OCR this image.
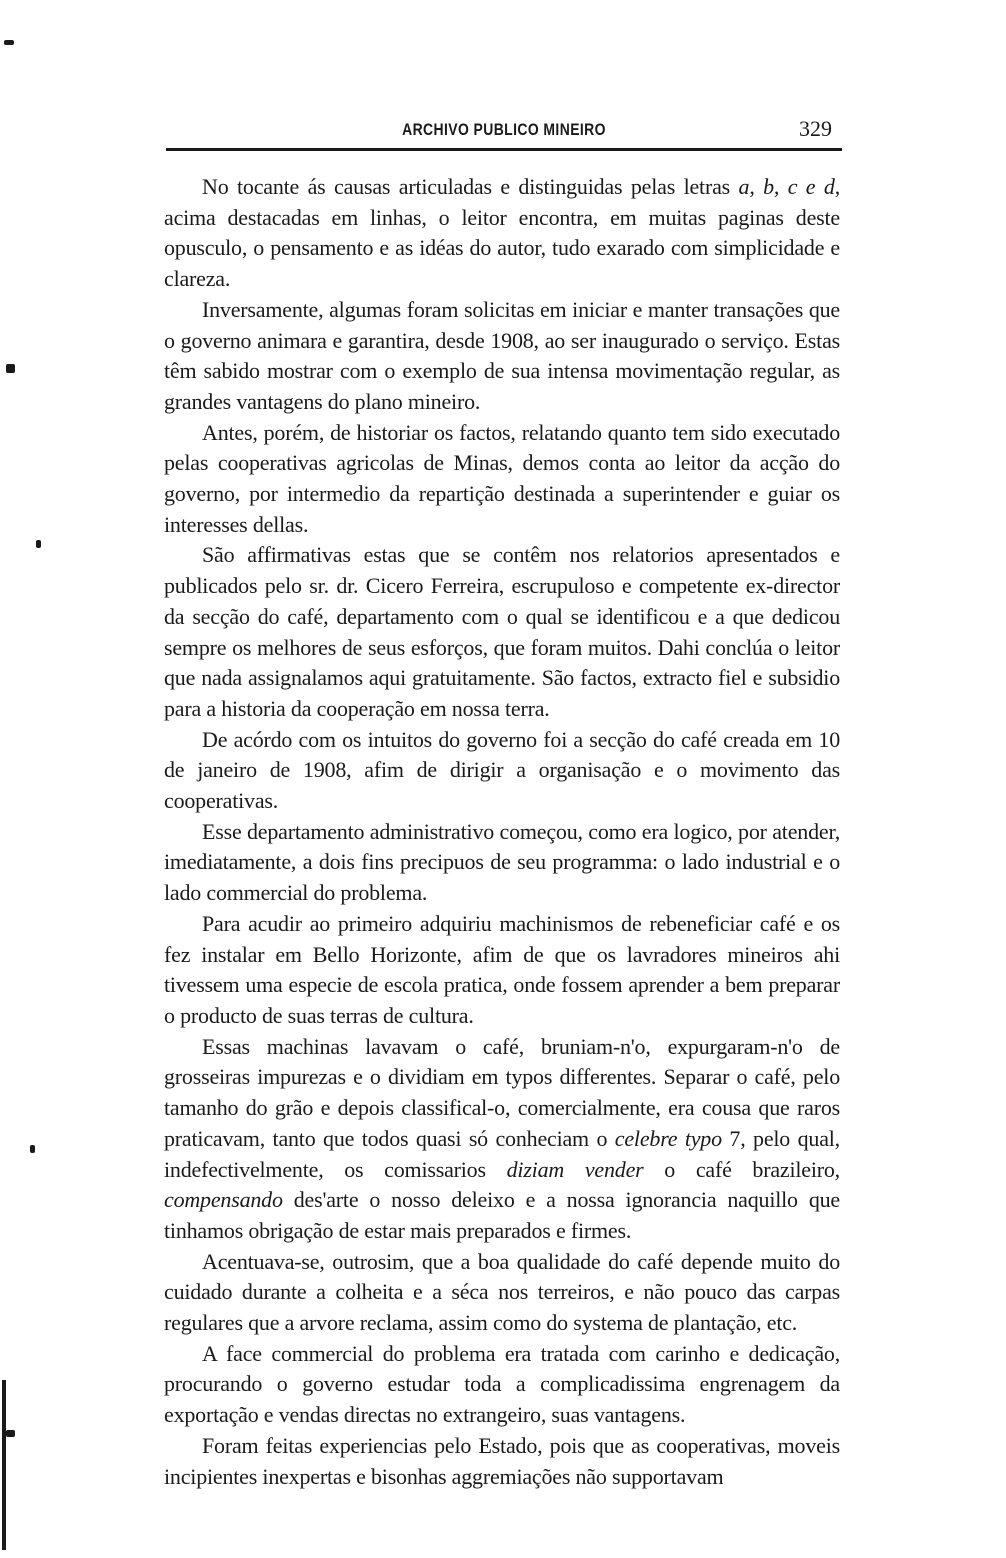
ARCHIVO PUBLICO MINEIRO	329

No tocante ás causas articuladas e distinguidas pelas letras a, b, c e d, acima destacadas em linhas, o leitor encontra, em muitas paginas deste opusculo, o pensamento e as idéas do autor, tudo exarado com simplicidade e clareza.

Inversamente, algumas foram solicitas em iniciar e manter transações que o governo animara e garantira, desde 1908, ao ser inaugurado o serviço. Estas têm sabido mostrar com o exemplo de sua intensa movimentação regular, as grandes vantagens do plano mineiro.

Antes, porém, de historiar os factos, relatando quanto tem sido executado pelas cooperativas agricolas de Minas, demos conta ao leitor da acção do governo, por intermedio da repartição destinada a superintender e guiar os interesses dellas.

São affirmativas estas que se contêm nos relatorios apresentados e publicados pelo sr. dr. Cicero Ferreira, escrupuloso e competente ex-director da secção do café, departamento com o qual se identificou e a que dedicou sempre os melhores de seus esforços, que foram muitos. Dahi conclúa o leitor que nada assignalamos aqui gratuitamente. São factos, extracto fiel e subsidio para a historia da cooperação em nossa terra.

De acórdo com os intuitos do governo foi a secção do café creada em 10 de janeiro de 1908, afim de dirigir a organisação e o movimento das cooperativas.

Esse departamento administrativo começou, como era logico, por atender, imediatamente, a dois fins precipuos de seu programma: o lado industrial e o lado commercial do problema.

Para acudir ao primeiro adquiriu machinismos de rebeneficiar café e os fez instalar em Bello Horizonte, afim de que os lavradores mineiros ahi tivessem uma especie de escola pratica, onde fossem aprender a bem preparar o producto de suas terras de cultura.

Essas machinas lavavam o café, bruniam-n'o, expurgaram-n'o de grosseiras impurezas e o dividiam em typos differentes. Separar o café, pelo tamanho do grão e depois classifical-o, comercialmente, era cousa que raros praticavam, tanto que todos quasi só conheciam o celebre typo 7, pelo qual, indefectivelmente, os comissarios diziam vender o café brazileiro, compensando des'arte o nosso deleixo e a nossa ignorancia naquillo que tinhamos obrigação de estar mais preparados e firmes.

Acentuava-se, outrosim, que a boa qualidade do café depende muito do cuidado durante a colheita e a séca nos terreiros, e não pouco das carpas regulares que a arvore reclama, assim como do systema de plantação, etc.

A face commercial do problema era tratada com carinho e dedicação, procurando o governo estudar toda a complicadissima engrenagem da exportação e vendas directas no extrangeiro, suas vantagens.

Foram feitas experiencias pelo Estado, pois que as cooperativas, moveis incipientes inexpertas e bisonhas aggremiações não supportavam
